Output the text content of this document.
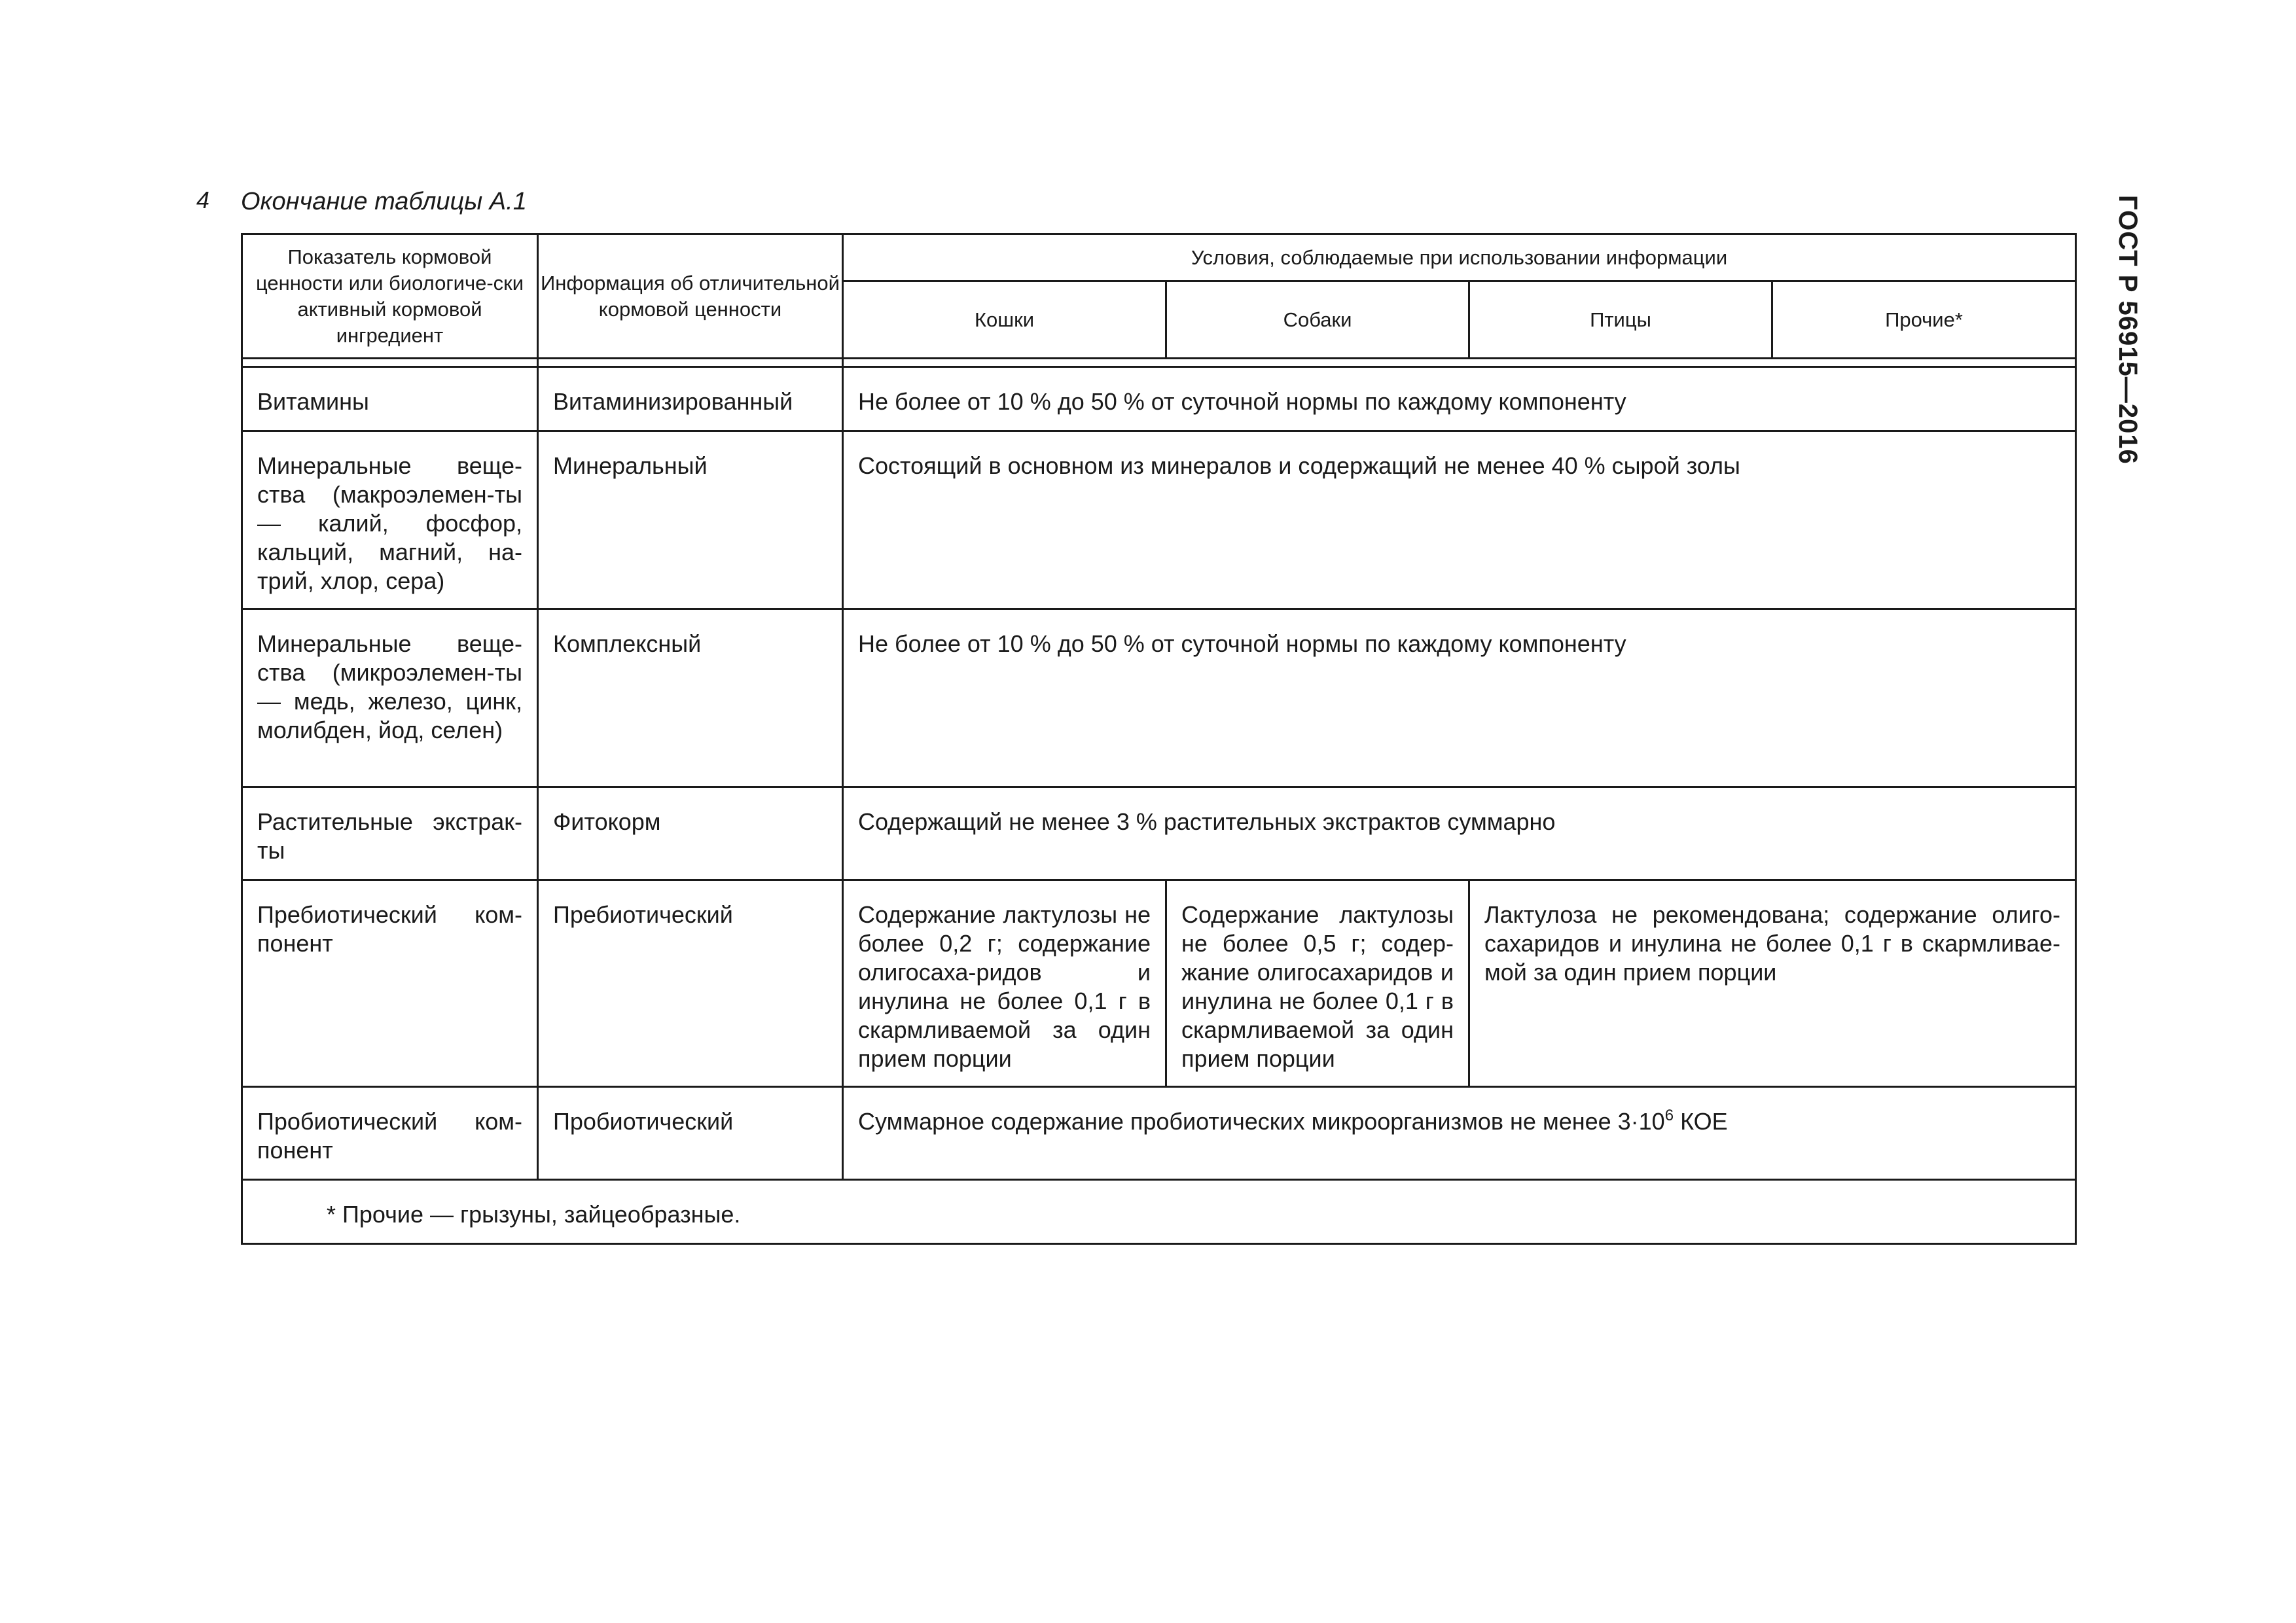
4 Окончание таблицы А.1	ГОСТ Р 56915—2016
Показатель кормовой ценности или биологиче-ски активный кормовой ингредиент	Информация об отличительной кормовой ценности	Условия, соблюдаемые при использовании информации			
		Кошки	Собаки	Птицы	Прочие*

Витамины	Витаминизированный	Не более от 10 % до 50 % от суточной нормы по каждому компоненту			
Минеральные веще-ства (макроэлемен-ты — калий, фосфор, кальций, магний, на-трий, хлор, сера)	Минеральный	Состоящий в основном из минералов и содержащий не менее 40 % сырой золы			
Минеральные веще-ства (микроэлемен-ты — медь, железо, цинк, молибден, йод, селен)	Комплексный	Не более от 10 % до 50 % от суточной нормы по каждому компоненту			
Растительные экстрак-ты	Фитокорм	Содержащий не менее 3 % растительных экстрактов суммарно			
Пребиотический ком-понент	Пребиотический	Содержание лактулозы не более 0,2 г; содержание олигосаха-ридов и инулина не более 0,1 г в скармливаемой за один прием порции	Содержание лактулозы не более 0,5 г; содер-жание олигосахаридов и инулина не более 0,1 г в скармливаемой за один прием порции	Лактулоза не рекомендована; содержание олиго-сахаридов и инулина не более 0,1 г в скармливае-мой за один прием порции	
Пробиотический ком-понент	Пробиотический	Суммарное содержание пробиотических микроорганизмов не менее $3\cdot 10^6$ КОЕ			
* Прочие — грызуны, зайцеобразные.					
